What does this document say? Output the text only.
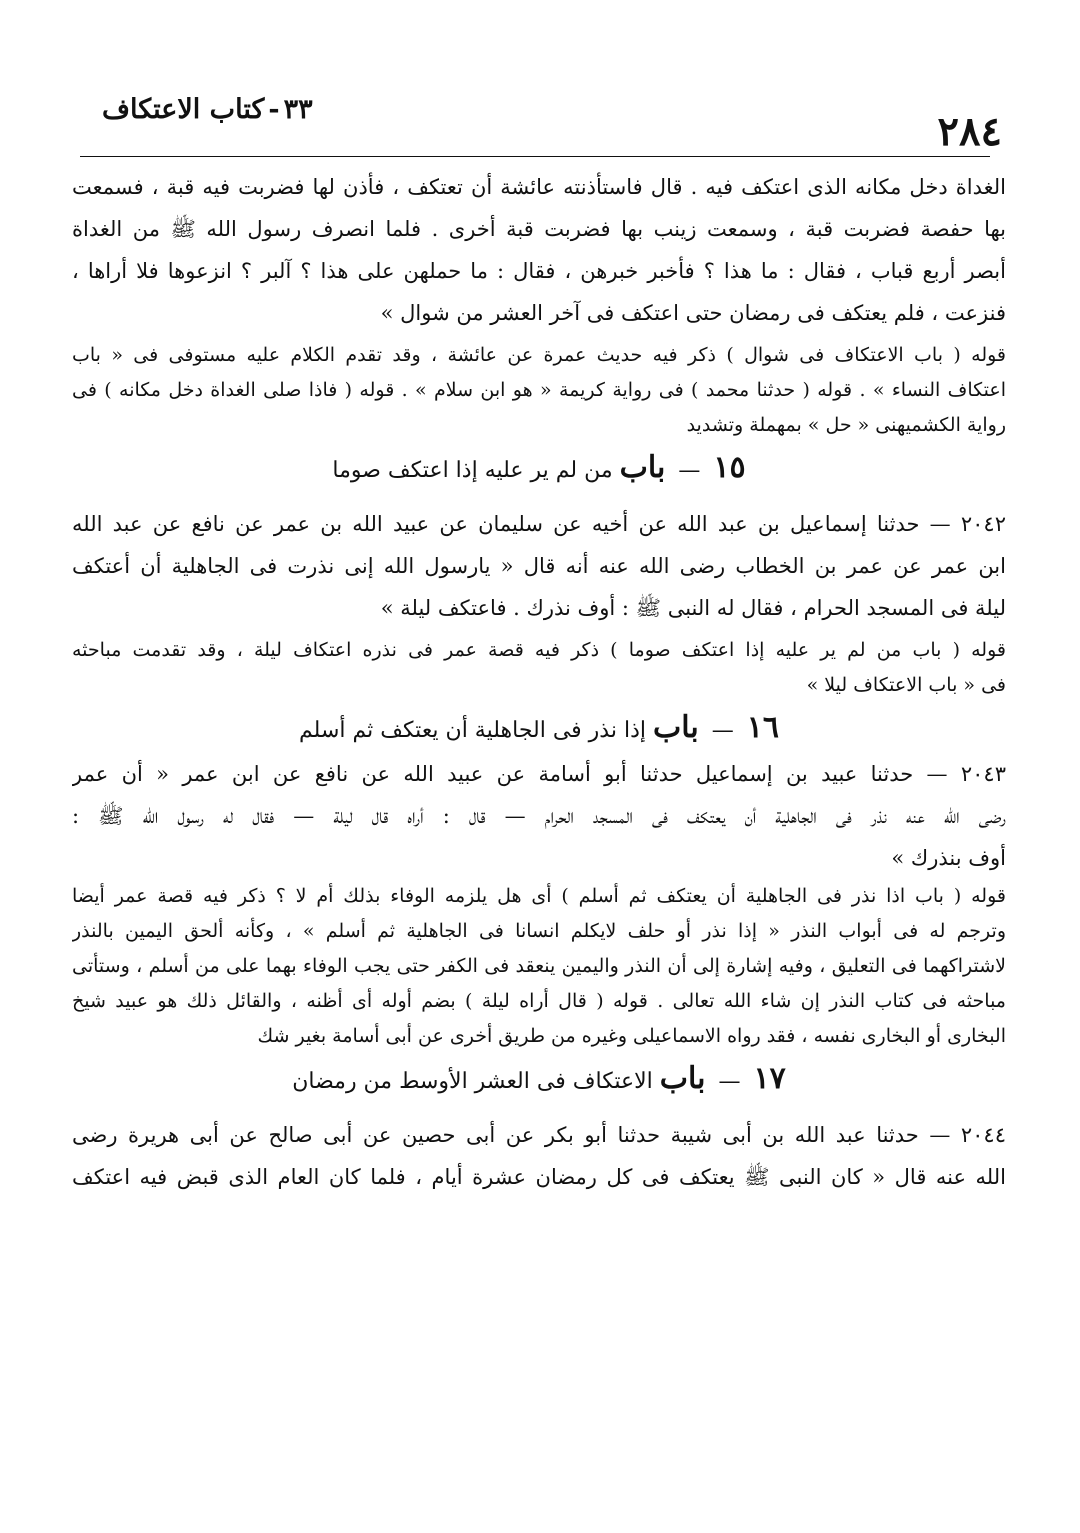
٢٨٤
٣٣-كتاب الاعتكاف
الغداة دخل مكانه الذى اعتكف فيه . قال فاستأذنته عائشة أن تعتكف ، فأذن لها فضربت فيه قبة ، فسمعت
بها حفصة فضربت قبة ، وسمعت زينب بها فضربت قبة أخرى . فلما انصرف رسول الله ﷺ من الغداة
أبصر أربع قباب ، فقال : ما هذا ؟ فأخبر خبرهن ، فقال : ما حملهن على هذا ؟ آلبر ؟ انزعوها فلا أراها ،
فنزعت ، فلم يعتكف فى رمضان حتى اعتكف فى آخر العشر من شوال »
قوله ( باب الاعتكاف فى شوال ) ذكر فيه حديث عمرة عن عائشة ، وقد تقدم الكلام عليه مستوفى فى « باب
اعتكاف النساء » . قوله ( حدثنا محمد ) فى رواية كريمة « هو ابن سلام » . قوله ( فاذا صلى الغداة دخل مكانه ) فى
رواية الكشميهنى « حل » بمهملة وتشديد
١٥ — باب من لم ير عليه إذا اعتكف صوما
٢٠٤٢ — حدثنا إسماعيل بن عبد الله عن أخيه عن سليمان عن عبيد الله بن عمر عن نافع عن عبد الله
ابن عمر عن عمر بن الخطاب رضى الله عنه أنه قال « يارسول الله إنى نذرت فى الجاهلية أن أعتكف
ليلة فى المسجد الحرام ، فقال له النبى ﷺ : أوف نذرك . فاعتكف ليلة »
قوله ( باب من لم ير عليه إذا اعتكف صوما ) ذكر فيه قصة عمر فى نذره اعتكاف ليلة ، وقد تقدمت مباحثه
فى « باب الاعتكاف ليلا »
١٦ — باب إذا نذر فى الجاهلية أن يعتكف ثم أسلم
٢٠٤٣ — حدثنا عبيد بن إسماعيل حدثنا أبو أسامة عن عبيد الله عن نافع عن ابن عمر « أن عمر
رضى الله عنه نذر فى الجاهلية أن يعتكف فى المسجد الحرام — قال : أراه قال ليلة — فقال له رسول الله ﷺ :
أوف بنذرك »
قوله ( باب اذا نذر فى الجاهلية أن يعتكف ثم أسلم ) أى هل يلزمه الوفاء بذلك أم لا ؟ ذكر فيه قصة عمر أيضا
وترجم له فى أبواب النذر « إذا نذر أو حلف لايكلم انسانا فى الجاهلية ثم أسلم » ، وكأنه ألحق اليمين بالنذر
لاشتراكهما فى التعليق ، وفيه إشارة إلى أن النذر واليمين ينعقد فى الكفر حتى يجب الوفاء بهما على من أسلم ، وستأتى
مباحثه فى كتاب النذر إن شاء الله تعالى . قوله ( قال أراه ليلة ) بضم أوله أى أظنه ، والقائل ذلك هو عبيد شيخ
البخارى أو البخارى نفسه ، فقد رواه الاسماعيلى وغيره من طريق أخرى عن أبى أسامة بغير شك
١٧ — باب الاعتكاف فى العشر الأوسط من رمضان
٢٠٤٤ — حدثنا عبد الله بن أبى شيبة حدثنا أبو بكر عن أبى حصين عن أبى صالح عن أبى هريرة رضى
الله عنه قال « كان النبى ﷺ يعتكف فى كل رمضان عشرة أيام ، فلما كان العام الذى قبض فيه اعتكف
